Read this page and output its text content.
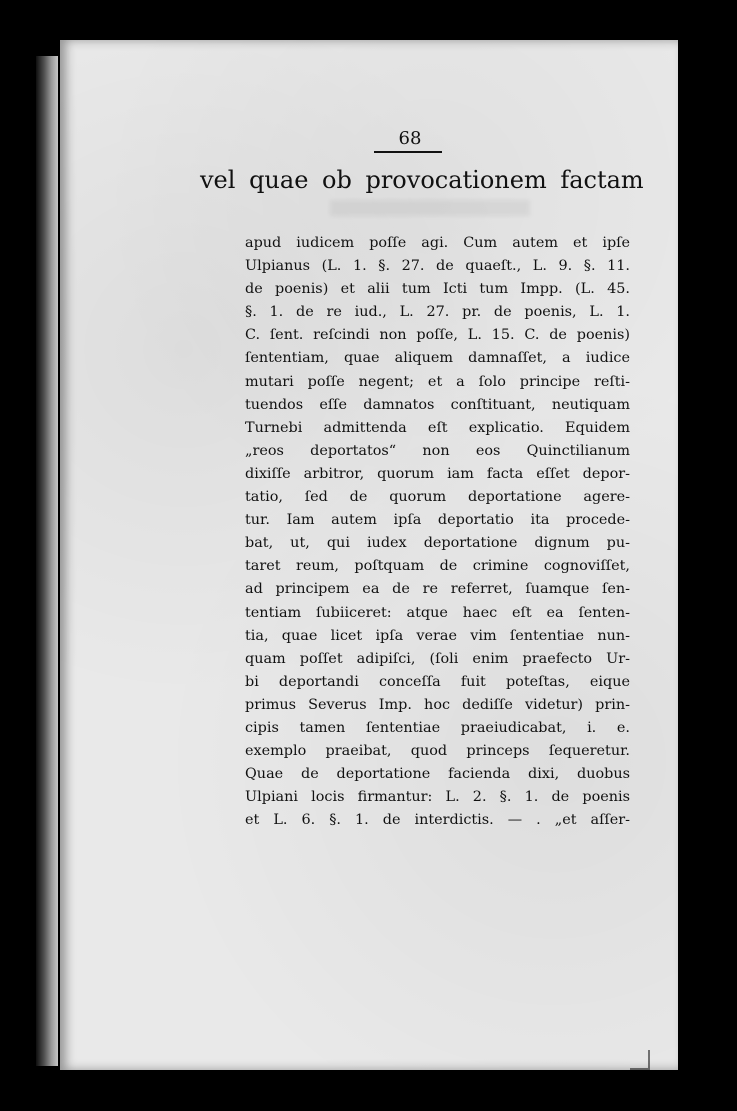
68
vel quae ob provocationem factam
apud iudicem poſſe agi. Cum autem et ipſe
Ulpianus (L. 1. §. 27. de quaeſt., L. 9. §. 11.
de poenis) et alii tum Icti tum Impp. (L. 45.
§. 1. de re iud., L. 27. pr. de poenis, L. 1.
C. ſent. reſcindi non poſſe, L. 15. C. de poenis)
ſententiam, quae aliquem damnaſſet, a iudice
mutari poſſe negent; et a ſolo principe reſti-
tuendos eſſe damnatos conſtituant, neutiquam
Turnebi admittenda eſt explicatio. Equidem
„reos deportatos“ non eos Quinctilianum
dixiſſe arbitror, quorum iam facta eſſet depor-
tatio, ſed de quorum deportatione agere-
tur. Iam autem ipſa deportatio ita procede-
bat, ut, qui iudex deportatione dignum pu-
taret reum, poſtquam de crimine cognoviſſet,
ad principem ea de re referret, ſuamque ſen-
tentiam ſubiiceret: atque haec eſt ea ſenten-
tia, quae licet ipſa verae vim ſententiae nun-
quam poſſet adipiſci, (ſoli enim praefecto Ur-
bi deportandi conceſſa fuit poteſtas, eique
primus Severus Imp. hoc dediſſe videtur) prin-
cipis tamen ſententiae praeiudicabat, i. e.
exemplo praeibat, quod princeps ſequeretur.
Quae de deportatione facienda dixi, duobus
Ulpiani locis firmantur: L. 2. §. 1. de poenis
et L. 6. §. 1. de interdictis. — . „et aſſer-
